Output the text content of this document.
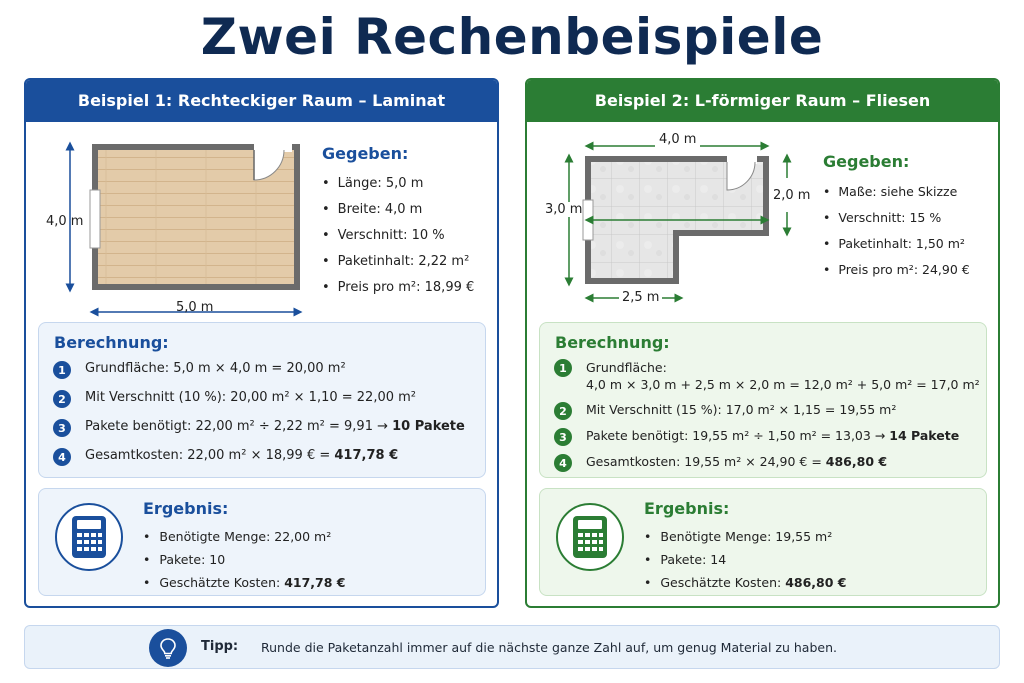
Zwei Rechenbeispiele
Beispiel 1: Rechteckiger Raum – Laminat
4,0 m
5,0 m
Gegeben:
• Länge: 5,0 m
• Breite: 4,0 m
• Verschnitt: 10 %
• Paketinhalt: 2,22 m²
• Preis pro m²: 18,99 €
Berechnung:
1	Grundfläche: 5,0 m × 4,0 m = 20,00 m²
2	Mit Verschnitt (10 %): 20,00 m² × 1,10 = 22,00 m²
3	Pakete benötigt: 22,00 m² ÷ 2,22 m² = 9,91 → 10 Pakete
4	Gesamtkosten: 22,00 m² × 18,99 € = 417,78 €
Ergebnis:
• Benötigte Menge: 22,00 m²
• Pakete: 10
• Geschätzte Kosten: 417,78 €
Beispiel 2: L-förmiger Raum – Fliesen
4,0 m
3,0 m
2,0 m
2,5 m
Gegeben:
• Maße: siehe Skizze
• Verschnitt: 15 %
• Paketinhalt: 1,50 m²
• Preis pro m²: 24,90 €
Berechnung:
1	Grundfläche:
4,0 m × 3,0 m + 2,5 m × 2,0 m = 12,0 m² + 5,0 m² = 17,0 m²
2	Mit Verschnitt (15 %): 17,0 m² × 1,15 = 19,55 m²
3	Pakete benötigt: 19,55 m² ÷ 1,50 m² = 13,03 → 14 Pakete
4	Gesamtkosten: 19,55 m² × 24,90 € = 486,80 €
Ergebnis:
• Benötigte Menge: 19,55 m²
• Pakete: 14
• Geschätzte Kosten: 486,80 €
Tipp: Runde die Paketanzahl immer auf die nächste ganze Zahl auf, um genug Material zu haben.
